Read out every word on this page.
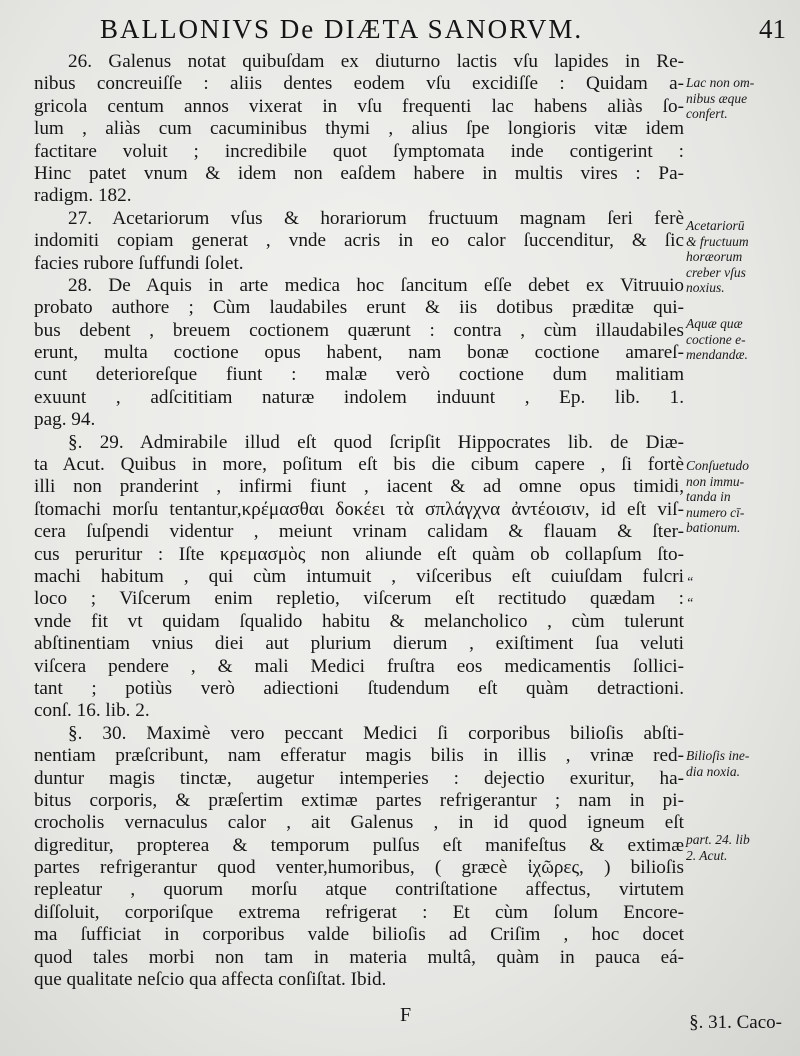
BALLONIVS De DIÆTA SANORVM.	41

26. Galenus notat quibuſdam ex diuturno lactis vſu lapides in Re-

nibus concreuiſſe : aliis dentes eodem vſu excidiſſe : Quidam a-

gricola centum annos vixerat in vſu frequenti lac habens aliàs ſo-

lum , aliàs cum cacuminibus thymi , alius ſpe longioris vitæ idem

factitare voluit ; incredibile quot ſymptomata inde contigerint :

Hinc patet vnum & idem non eaſdem habere in multis vires : Pa-

radigm. 182.

27. Acetariorum vſus & horariorum fructuum magnam ſeri ferè

indomiti copiam generat , vnde acris in eo calor ſuccenditur, & ſic

facies rubore ſuffundi ſolet.

28. De Aquis in arte medica hoc ſancitum eſſe debet ex Vitruuio

probato authore ; Cùm laudabiles erunt & iis dotibus præditæ qui-

bus debent , breuem coctionem quærunt : contra , cùm illaudabiles

erunt, multa coctione opus habent, nam bonæ coctione amareſ-

cunt deterioreſque fiunt : malæ verò coctione dum malitiam

exuunt , adſcititiam naturæ indolem induunt , Ep. lib. 1.

pag. 94.

§. 29. Admirabile illud eſt quod ſcripſit Hippocrates lib. de Diæ-

ta Acut. Quibus in more, poſitum eſt bis die cibum capere , ſi fortè

illi non pranderint , infirmi fiunt , iacent & ad omne opus timidi,

ſtomachi morſu tentantur,κρέμασθαι δοκέει τὰ σπλάγχνα ἀντέοισιν, id eſt viſ-

cera ſuſpendi videntur , meiunt vrinam calidam & flauam & ſter-

cus peruritur : Iſte κρεμασμὸς non aliunde eſt quàm ob collapſum ſto-

machi habitum , qui cùm intumuit , viſceribus eſt cuiuſdam fulcri

loco ; Viſcerum enim repletio, viſcerum eſt rectitudo quædam :

vnde fit vt quidam ſqualido habitu & melancholico , cùm tulerunt

abſtinentiam vnius diei aut plurium dierum , exiſtiment ſua veluti

viſcera pendere , & mali Medici fruſtra eos medicamentis ſollici-

tant ; potiùs verò adiectioni ſtudendum eſt quàm detractioni.

conſ. 16. lib. 2.

§. 30. Maximè vero peccant Medici ſi corporibus bilioſis abſti-

nentiam præſcribunt, nam efferatur magis bilis in illis , vrinæ red-

duntur magis tinctæ, augetur intemperies : dejectio exuritur, ha-

bitus corporis, & præſertim extimæ partes refrigerantur ; nam in pi-

crocholis vernaculus calor , ait Galenus , in id quod igneum eſt

digreditur, propterea & temporum pulſus eſt manifeſtus & extimæ

partes refrigerantur quod venter,humoribus, ( græcè ἰχῶρες, ) bilioſis

repleatur , quorum morſu atque contriſtatione affectus, virtutem

diſſoluit, corporiſque extrema refrigerat : Et cùm ſolum Encore-

ma ſufficiat in corporibus valde bilioſis ad Criſim , hoc docet

quod tales morbi non tam in materia multâ, quàm in pauca eá-

que qualitate neſcio qua affecta conſiſtat. Ibid.

Lac non om-
nibus æque
confert.
Acetariorū
& fructuum
horæorum
creber vſus
noxius.
Aquæ quæ
coctione e-
mendandæ.
Conſuetudo
non immu-
tanda in
numero cī-
bationum.
“
“
Bilioſis ine-
dia noxia.
part. 24. lib
2. Acut.
F	§. 31. Caco-
